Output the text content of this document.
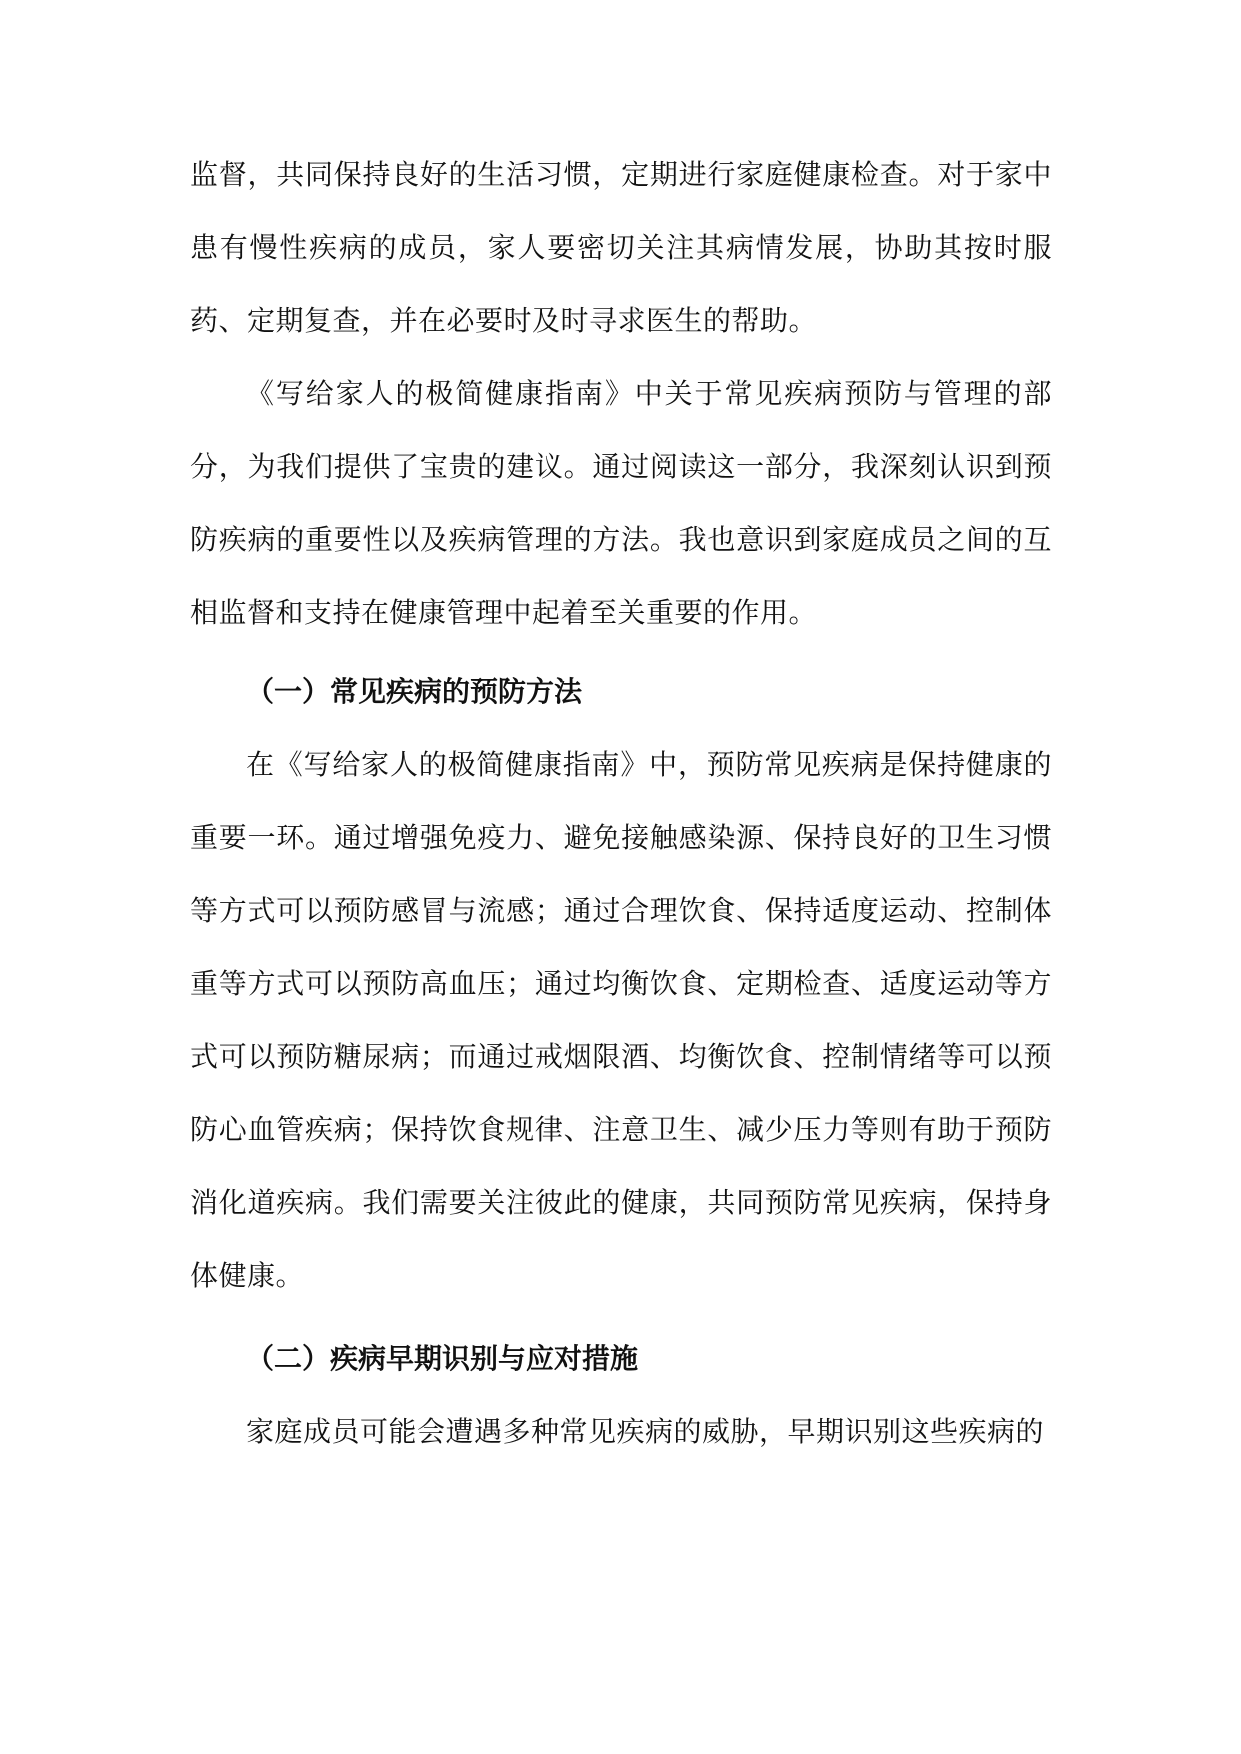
监督，共同保持良好的生活习惯，定期进行家庭健康检查。对于家中患有慢性疾病的成员，家人要密切关注其病情发展，协助其按时服药、定期复查，并在必要时及时寻求医生的帮助。

《写给家人的极简健康指南》中关于常见疾病预防与管理的部分，为我们提供了宝贵的建议。通过阅读这一部分，我深刻认识到预防疾病的重要性以及疾病管理的方法。我也意识到家庭成员之间的互相监督和支持在健康管理中起着至关重要的作用。

（一）常见疾病的预防方法

在《写给家人的极简健康指南》中，预防常见疾病是保持健康的重要一环。通过增强免疫力、避免接触感染源、保持良好的卫生习惯等方式可以预防感冒与流感；通过合理饮食、保持适度运动、控制体重等方式可以预防高血压；通过均衡饮食、定期检查、适度运动等方式可以预防糖尿病；而通过戒烟限酒、均衡饮食、控制情绪等可以预防心血管疾病；保持饮食规律、注意卫生、减少压力等则有助于预防消化道疾病。我们需要关注彼此的健康，共同预防常见疾病，保持身体健康。

（二）疾病早期识别与应对措施

家庭成员可能会遭遇多种常见疾病的威胁，早期识别这些疾病的
